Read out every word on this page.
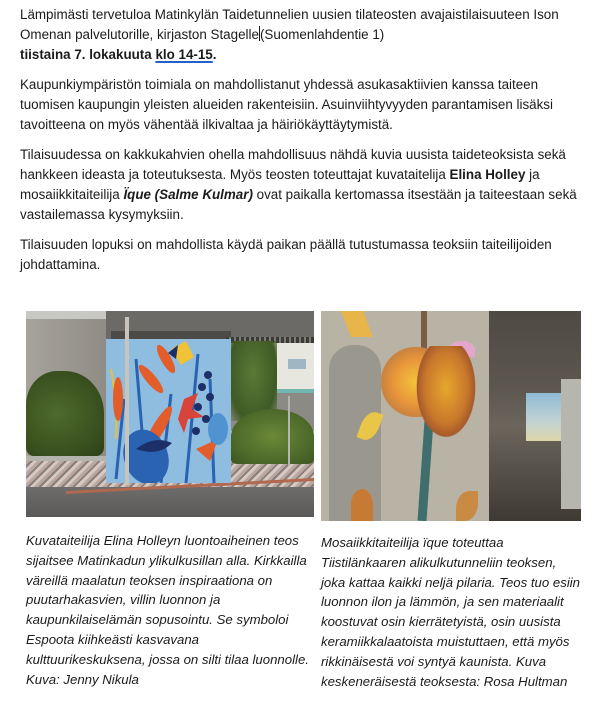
Lämpimästi tervetuloa Matinkylän Taidetunnelien uusien tilateosten avajaistilaisuuteen Ison
Omenan palvelutorille, kirjaston Stagelle(Suomenlahdentie 1)
tiistaina 7. lokakuuta klo 14-15.

Kaupunkiympäristön toimiala on mahdollistanut yhdessä asukasaktiivien kanssa taiteen tuomisen kaupungin yleisten alueiden rakenteisiin. Asuinviihtyvyyden parantamisen lisäksi tavoitteena on myös vähentää ilkivaltaa ja häiriökäyttäytymistä.

Tilaisuudessa on kakkukahvien ohella mahdollisuus nähdä kuvia uusista taideteoksista sekä hankkeen ideasta ja toteutuksesta. Myös teosten toteuttajat kuvataitelija Elina Holley ja mosaiikkitaiteilija Ïque (Salme Kulmar) ovat paikalla kertomassa itsestään ja taiteestaan sekä vastailemassa kysymyksiin.

Tilaisuuden lopuksi on mahdollista käydä paikan päällä tutustumassa teoksiin taiteilijoiden johdattamina.

Kuvataiteilija Elina Holleyn luontoaiheinen teos sijaitsee Matinkadun ylikulkusillan alla. Kirkkailla väreillä maalatun teoksen inspiraationa on puutarhakasvien, villin luonnon ja kaupunkilaiselämän sopusointu. Se symboloi Espoota kiihkeästi kasvavana kulttuurikeskuksena, jossa on silti tilaa luonnolle. Kuva: Jenny Nikula
Mosaiikkitaiteilija ïque toteuttaa Tiistilänkaaren alikulkutunneliin teoksen, joka kattaa kaikki neljä pilaria. Teos tuo esiin luonnon ilon ja lämmön, ja sen materiaalit koostuvat osin kierrätetyistä, osin uusista keramiikkalaatoista muistuttaen, että myös rikkinäisestä voi syntyä kaunista. Kuva keskeneräisestä teoksesta: Rosa Hultman
